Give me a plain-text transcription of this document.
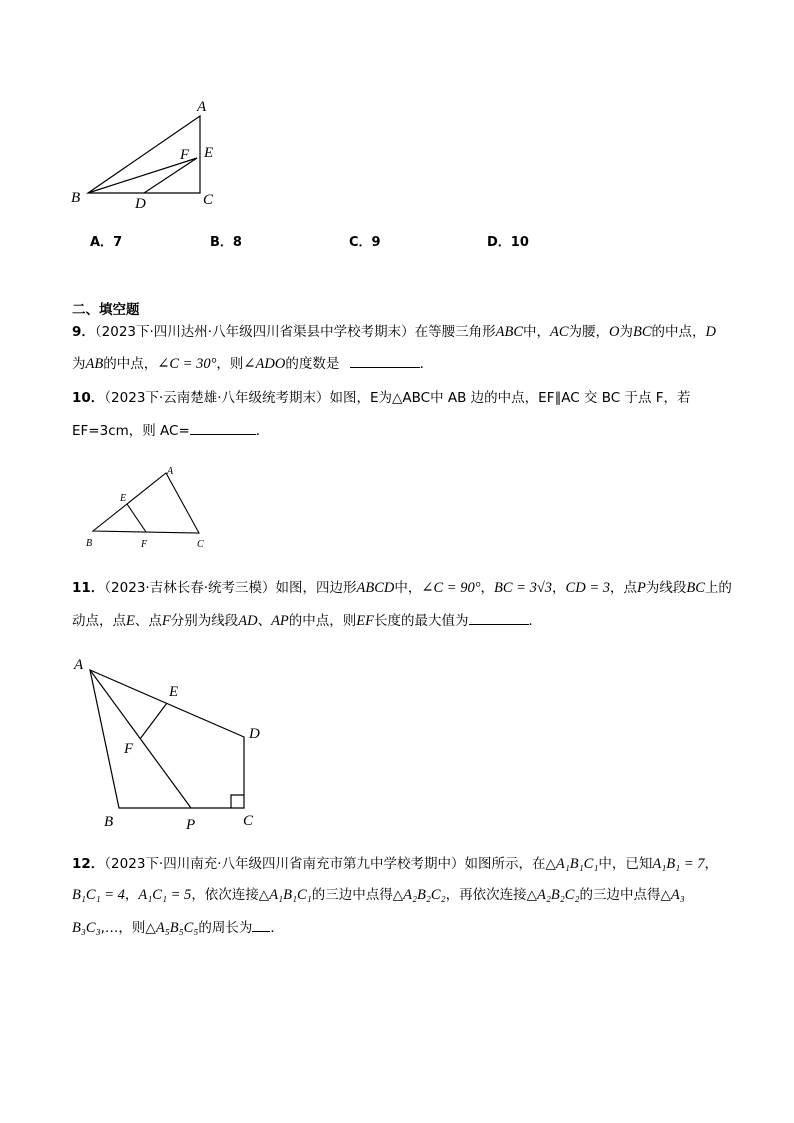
A
B	C
D
E
F
A．7	B．8	C．9	D．10
二、填空题
9．（2023下·四川达州·八年级四川省渠县中学校考期末）在等腰三角形ABC中，AC为腰，O为BC的中点，D
为AB的中点，∠C = 30°，则∠ADO的度数是	．
10．（2023下·云南楚雄·八年级统考期末）如图，E为△ABC中 AB 边的中点，EF∥AC 交 BC 于点 F，若
EF=3cm，则 AC=	．
A
B	C
E
F
11．（2023·吉林长春·统考三模）如图，四边形ABCD中，∠C = 90°，BC = 3√3，CD = 3，点P为线段BC上的
动点，点E、点F分别为线段AD、AP的中点，则EF长度的最大值为	．
A
B	C
D
E
F
P
12．（2023下·四川南充·八年级四川省南充市第九中学校考期中）如图所示，在△A₁B₁C₁中，已知A₁B₁ = 7，
B₁C₁ = 4，A₁C₁ = 5，依次连接△A₁B₁C₁的三边中点得△A₂B₂C₂，再依次连接△A₂B₂C₂的三边中点得△A₃
B₃C₃,…，则△A₅B₅C₅的周长为 ．
